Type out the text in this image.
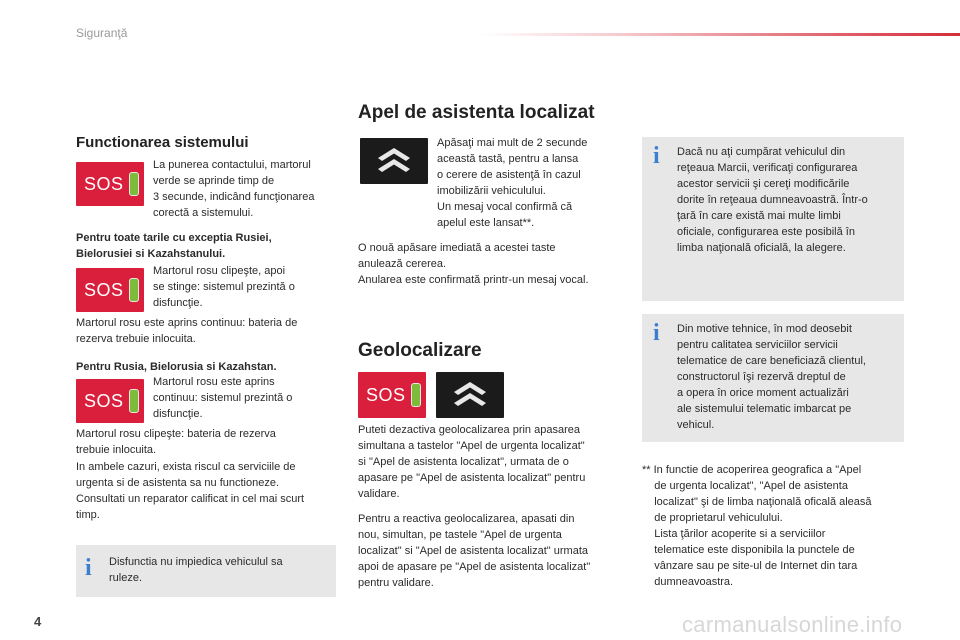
Siguranţă
Functionarea sistemului
SOS

La punerea contactului, martorul
verde se aprinde timp de
3 secunde, indicând funcţionarea
corectă a sistemului.

Pentru toate tarile cu exceptia Rusiei,
Bielorusiei si Kazahstanului.

SOS

Martorul rosu clipeşte, apoi
se stinge: sistemul prezintă o
disfuncţie.

Martorul rosu este aprins continuu: bateria de
rezerva trebuie inlocuita.

Pentru Rusia, Bielorusia si Kazahstan.

SOS

Martorul rosu este aprins
continuu: sistemul prezintă o
disfuncţie.

Martorul rosu clipeşte: bateria de rezerva
trebuie inlocuita.

In ambele cazuri, exista riscul ca serviciile de
urgenta si de asistenta sa nu functioneze.
Consultati un reparator calificat in cel mai scurt
timp.

i Disfunctia nu impiedica vehiculul sa
ruleze.

Apel de asistenta localizat

Apăsaţi mai mult de 2 secunde
această tastă, pentru a lansa
o cerere de asistenţă în cazul
imobilizării vehiculului.
Un mesaj vocal confirmă că
apelul este lansat**.

O nouă apăsare imediată a acestei taste
anulează cererea.
Anularea este confirmată printr-un mesaj vocal.

Geolocalizare
SOS

Puteti dezactiva geolocalizarea prin apasarea
simultana a tastelor "Apel de urgenta localizat"
si "Apel de asistenta localizat", urmata de o
apasare pe "Apel de asistenta localizat" pentru
validare.

Pentru a reactiva geolocalizarea, apasati din
nou, simultan, pe tastele "Apel de urgenta
localizat" si "Apel de asistenta localizat" urmata
apoi de apasare pe "Apel de asistenta localizat"
pentru validare.

i Dacă nu aţi cumpărat vehiculul din
reţeaua Marcii, verificaţi configurarea
acestor servicii şi cereţi modificările
dorite în reţeaua dumneavoastră. Într-o
ţară în care există mai multe limbi
oficiale, configurarea este posibilă în
limba naţională oficială, la alegere.

i Din motive tehnice, în mod deosebit
pentru calitatea serviciilor servicii
telematice de care beneficiază clientul,
constructorul îşi rezervă dreptul de
a opera în orice moment actualizări
ale sistemului telematic imbarcat pe
vehicul.

** In functie de acoperirea geografica a "Apel
de urgenta localizat", "Apel de asistenta
localizat" şi de limba naţională oficală aleasă
de proprietarul vehiculului.
Lista ţărilor acoperite si a serviciilor
telematice este disponibila la punctele de
vânzare sau pe site-ul de Internet din tara
dumneavoastra.

4	carmanualsonline.info
